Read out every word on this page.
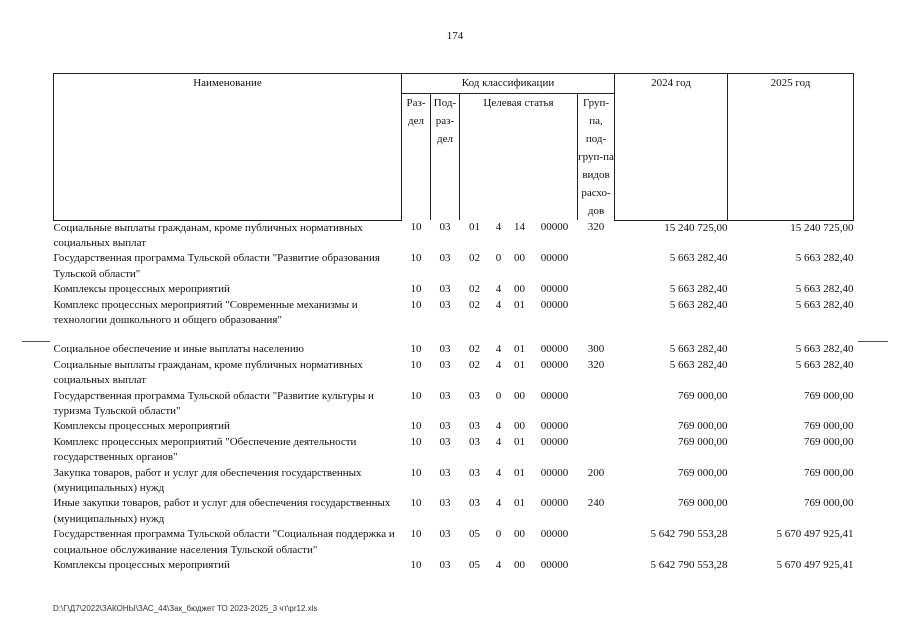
174
Наименование	Код классификации							2024 год	2025 год
	Раз-дел	Под-раз-дел	Целевая статья				Груп-па, под-груп-па видов расхо-дов		
Социальные выплаты гражданам, кроме публичных нормативных социальных выплат	10	03	01	4	14	00000	320	15 240 725,00	15 240 725,00
Государственная программа Тульской области "Развитие образования Тульской области"	10	03	02	0	00	00000		5 663 282,40	5 663 282,40
Комплексы процессных мероприятий	10	03	02	4	00	00000		5 663 282,40	5 663 282,40
Комплекс процессных мероприятий "Современные механизмы и технологии дошкольного и общего образования"	10	03	02	4	01	00000		5 663 282,40	5 663 282,40

Социальное обеспечение и иные выплаты населению	10	03	02	4	01	00000	300	5 663 282,40	5 663 282,40
Социальные выплаты гражданам, кроме публичных нормативных социальных выплат	10	03	02	4	01	00000	320	5 663 282,40	5 663 282,40
Государственная программа Тульской области "Развитие культуры и туризма Тульской области"	10	03	03	0	00	00000		769 000,00	769 000,00
Комплексы процессных мероприятий	10	03	03	4	00	00000		769 000,00	769 000,00
Комплекс процессных мероприятий "Обеспечение деятельности государственных органов"	10	03	03	4	01	00000		769 000,00	769 000,00
Закупка товаров, работ и услуг для обеспечения государственных (муниципальных) нужд	10	03	03	4	01	00000	200	769 000,00	769 000,00
Иные закупки товаров, работ и услуг для обеспечения государственных (муниципальных) нужд	10	03	03	4	01	00000	240	769 000,00	769 000,00
Государственная программа Тульской области "Социальная поддержка и социальное обслуживание населения Тульской области"	10	03	05	0	00	00000		5 642 790 553,28	5 670 497 925,41
Комплексы процессных мероприятий	10	03	05	4	00	00000		5 642 790 553,28	5 670 497 925,41
D:\Г\Д7\2022\ЗАКОНЫ\ЗАС_44\Зак_бюджет ТО 2023-2025_3 чт\pr12.xls
